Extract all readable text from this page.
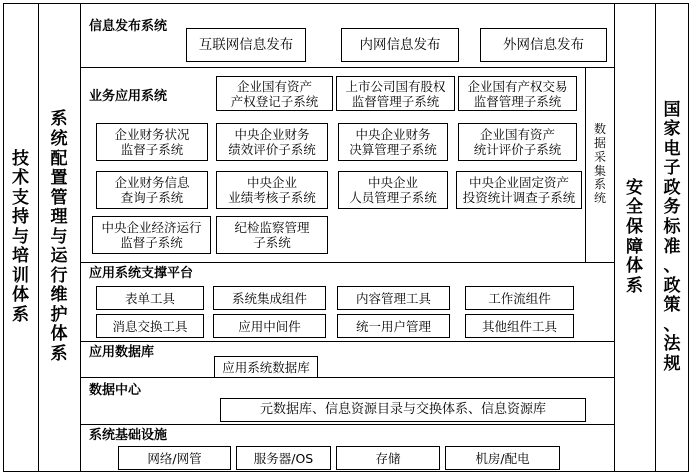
技
术
支
持
与
培
训
体
系
系
统
配
置
管
理
与
运
行
维
护
体
系
安
全
保
障
体
系
国
家
电
子
政
务
标
准
、
政
策
、
法
规
数
据
采
集
系
统
信息发布系统
互联网信息发布	内网信息发布	外网信息发布
业务应用系统
企业国有资产
产权登记子系统
上市公司国有股权
监督管理子系统
企业国有产权交易
监督管理子系统
企业财务状况
监督子系统
中央企业财务
绩效评价子系统
中央企业财务
决算管理子系统
企业国有资产
统计评价子系统
企业财务信息
查询子系统
中央企业
业绩考核子系统
中央企业
人员管理子系统
中央企业固定资产
投资统计调查子系统
中央企业经济运行
监督子系统
纪检监察管理
子系统
应用系统支撑平台
表单工具	系统集成组件	内容管理工具	工作流组件
消息交换工具	应用中间件	统一用户管理	其他组件工具
应用数据库
应用系统数据库
数据中心
元数据库、信息资源目录与交换体系、信息资源库
系统基础设施
网络/网管	服务器/OS	存储	机房/配电
